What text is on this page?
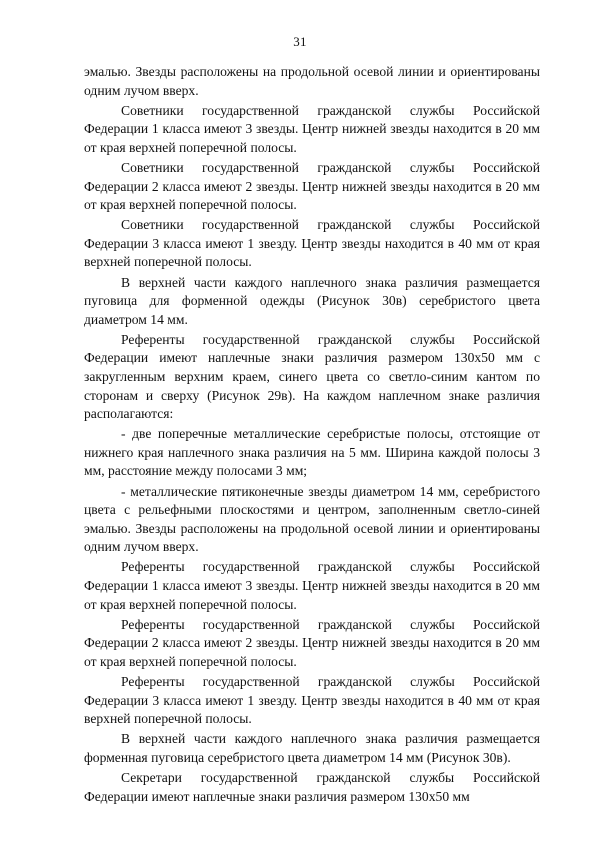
31

эмалью. Звезды расположены на продольной осевой линии и ориентированы одним лучом вверх.

Советники государственной гражданской службы Российской Федерации 1 класса имеют 3 звезды. Центр нижней звезды находится в 20 мм от края верхней поперечной полосы.

Советники государственной гражданской службы Российской Федерации 2 класса имеют 2 звезды. Центр нижней звезды находится в 20 мм от края верхней поперечной полосы.

Советники государственной гражданской службы Российской Федерации 3 класса имеют 1 звезду. Центр звезды находится в 40 мм от края верхней поперечной полосы.

В верхней части каждого наплечного знака различия размещается пуговица для форменной одежды (Рисунок 30в) серебристого цвета диаметром 14 мм.

Референты государственной гражданской службы Российской Федерации имеют наплечные знаки различия размером 130х50 мм с закругленным верхним краем, синего цвета со светло-синим кантом по сторонам и сверху (Рисунок 29в). На каждом наплечном знаке различия располагаются:

- две поперечные металлические серебристые полосы, отстоящие от нижнего края наплечного знака различия на 5 мм. Ширина каждой полосы 3 мм, расстояние между полосами 3 мм;

- металлические пятиконечные звезды диаметром 14 мм, серебристого цвета с рельефными плоскостями и центром, заполненным светло-синей эмалью. Звезды расположены на продольной осевой линии и ориентированы одним лучом вверх.

Референты государственной гражданской службы Российской Федерации 1 класса имеют 3 звезды. Центр нижней звезды находится в 20 мм от края верхней поперечной полосы.

Референты государственной гражданской службы Российской Федерации 2 класса имеют 2 звезды. Центр нижней звезды находится в 20 мм от края верхней поперечной полосы.

Референты государственной гражданской службы Российской Федерации 3 класса имеют 1 звезду. Центр звезды находится в 40 мм от края верхней поперечной полосы.

В верхней части каждого наплечного знака различия размещается форменная пуговица серебристого цвета диаметром 14 мм (Рисунок 30в).

Секретари государственной гражданской службы Российской Федерации имеют наплечные знаки различия размером 130х50 мм
